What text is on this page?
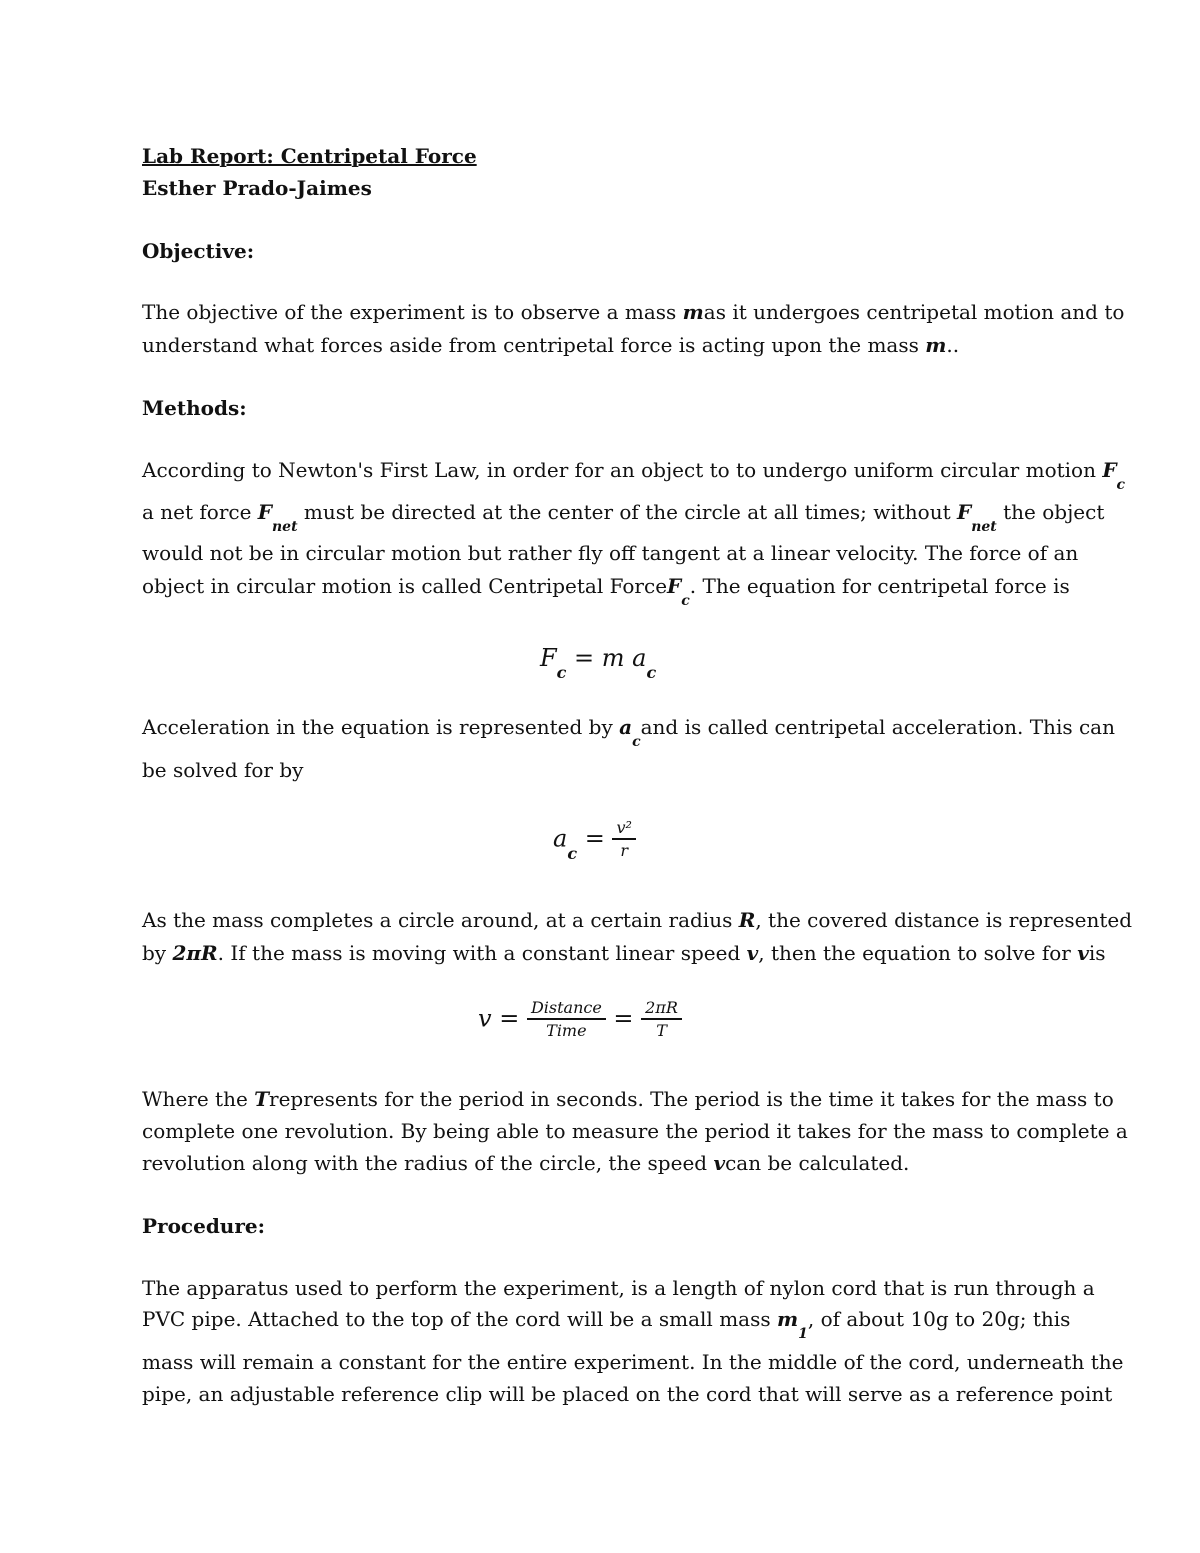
Lab Report: Centripetal Force
Esther Prado-Jaimes
Objective:
The objective of the experiment is to observe a mass mas it undergoes centripetal motion and to
understand what forces aside from centripetal force is acting upon the mass m..
Methods:
According to Newton's First Law, in order for an object to to undergo uniform circular motion $F_c$
a net force $F_{net}$ must be directed at the center of the circle at all times; without $F_{net}$ the object
would not be in circular motion but rather fly off tangent at a linear velocity. The force of an
object in circular motion is called Centripetal ForceF$_c$. The equation for centripetal force is
$F_c = m$ $a_c$
Acceleration in the equation is represented by $a_cand$ is called centripetal acceleration. This can
be solved for by
$a_c = \frac{\text{v²}}{r}$
As the mass completes a circle around, at a certain radius R, the covered distance is represented
by 2πR. If the mass is moving with a constant linear speed v, then the equation to solve for vis
$v = \frac{\text{Distance}}{\text{Time}} = \frac{2\pi R}{T}$
Where the Trepresents for the period in seconds. The period is the time it takes for the mass to
complete one revolution. By being able to measure the period it takes for the mass to complete a
revolution along with the radius of the circle, the speed vcan be calculated.
Procedure:
The apparatus used to perform the experiment, is a length of nylon cord that is run through a
PVC pipe. Attached to the top of the cord will be a small mass $m_1$, of about 10g to 20g; this
mass will remain a constant for the entire experiment. In the middle of the cord, underneath the
pipe, an adjustable reference clip will be placed on the cord that will serve as a reference point
